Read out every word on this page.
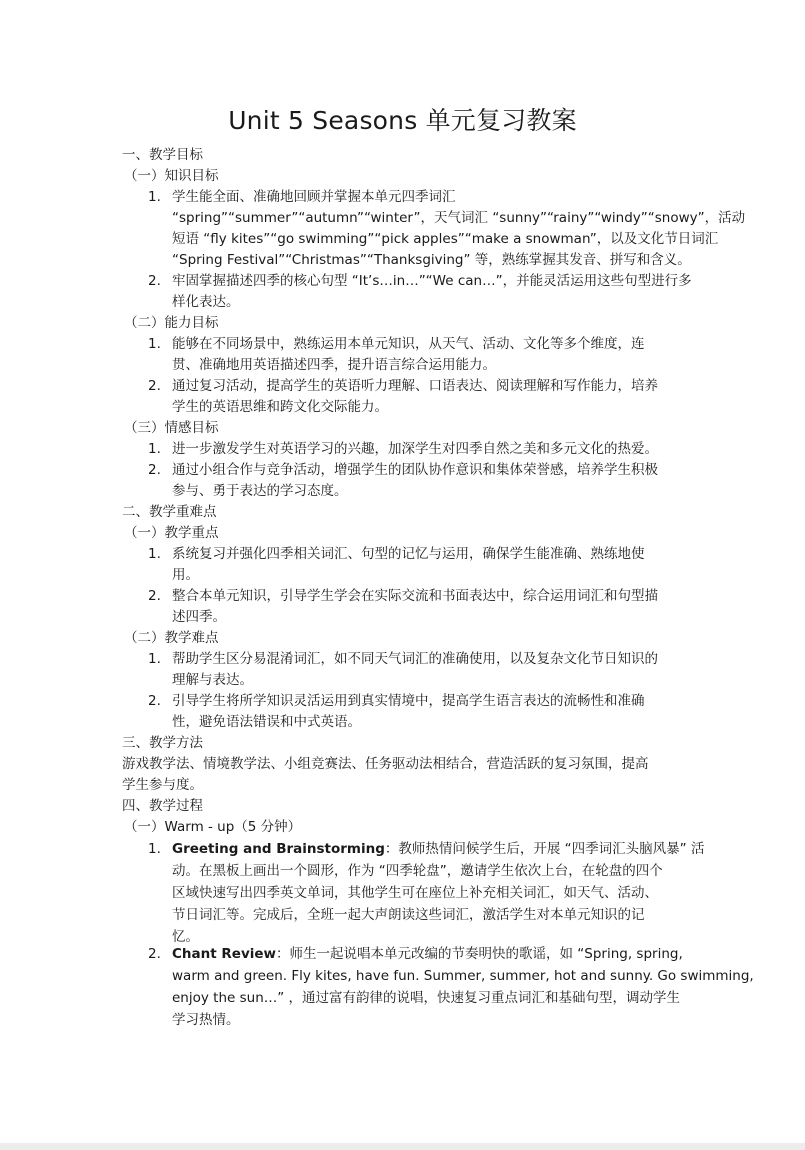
Unit 5 Seasons 单元复习教案
一、教学目标
（一）知识目标
1. 学生能全面、准确地回顾并掌握本单元四季词汇
“spring”“summer”“autumn”“winter”，天气词汇 “sunny”“rainy”“windy”“snowy”，活动
短语 “fly kites”“go swimming”“pick apples”“make a snowman”，以及文化节日词汇
“Spring Festival”“Christmas”“Thanksgiving” 等，熟练掌握其发音、拼写和含义。
2. 牢固掌握描述四季的核心句型 “It’s…in…”“We can…”，并能灵活运用这些句型进行多
样化表达。
（二）能力目标
1. 能够在不同场景中，熟练运用本单元知识，从天气、活动、文化等多个维度，连
贯、准确地用英语描述四季，提升语言综合运用能力。
2. 通过复习活动，提高学生的英语听力理解、口语表达、阅读理解和写作能力，培养
学生的英语思维和跨文化交际能力。
（三）情感目标
1. 进一步激发学生对英语学习的兴趣，加深学生对四季自然之美和多元文化的热爱。
2. 通过小组合作与竞争活动，增强学生的团队协作意识和集体荣誉感，培养学生积极
参与、勇于表达的学习态度。
二、教学重难点
（一）教学重点
1. 系统复习并强化四季相关词汇、句型的记忆与运用，确保学生能准确、熟练地使
用。
2. 整合本单元知识，引导学生学会在实际交流和书面表达中，综合运用词汇和句型描
述四季。
（二）教学难点
1. 帮助学生区分易混淆词汇，如不同天气词汇的准确使用，以及复杂文化节日知识的
理解与表达。
2. 引导学生将所学知识灵活运用到真实情境中，提高学生语言表达的流畅性和准确
性，避免语法错误和中式英语。
三、教学方法
游戏教学法、情境教学法、小组竞赛法、任务驱动法相结合，营造活跃的复习氛围，提高
学生参与度。
四、教学过程
（一）Warm - up（5 分钟）
1. Greeting and Brainstorming：教师热情问候学生后，开展 “四季词汇头脑风暴” 活
动。在黑板上画出一个圆形，作为 “四季轮盘”，邀请学生依次上台，在轮盘的四个
区域快速写出四季英文单词，其他学生可在座位上补充相关词汇，如天气、活动、
节日词汇等。完成后，全班一起大声朗读这些词汇，激活学生对本单元知识的记
忆。
2. Chant Review：师生一起说唱本单元改编的节奏明快的歌谣，如 “Spring, spring,
warm and green. Fly kites, have fun. Summer, summer, hot and sunny. Go swimming,
enjoy the sun…” ，通过富有韵律的说唱，快速复习重点词汇和基础句型，调动学生
学习热情。
